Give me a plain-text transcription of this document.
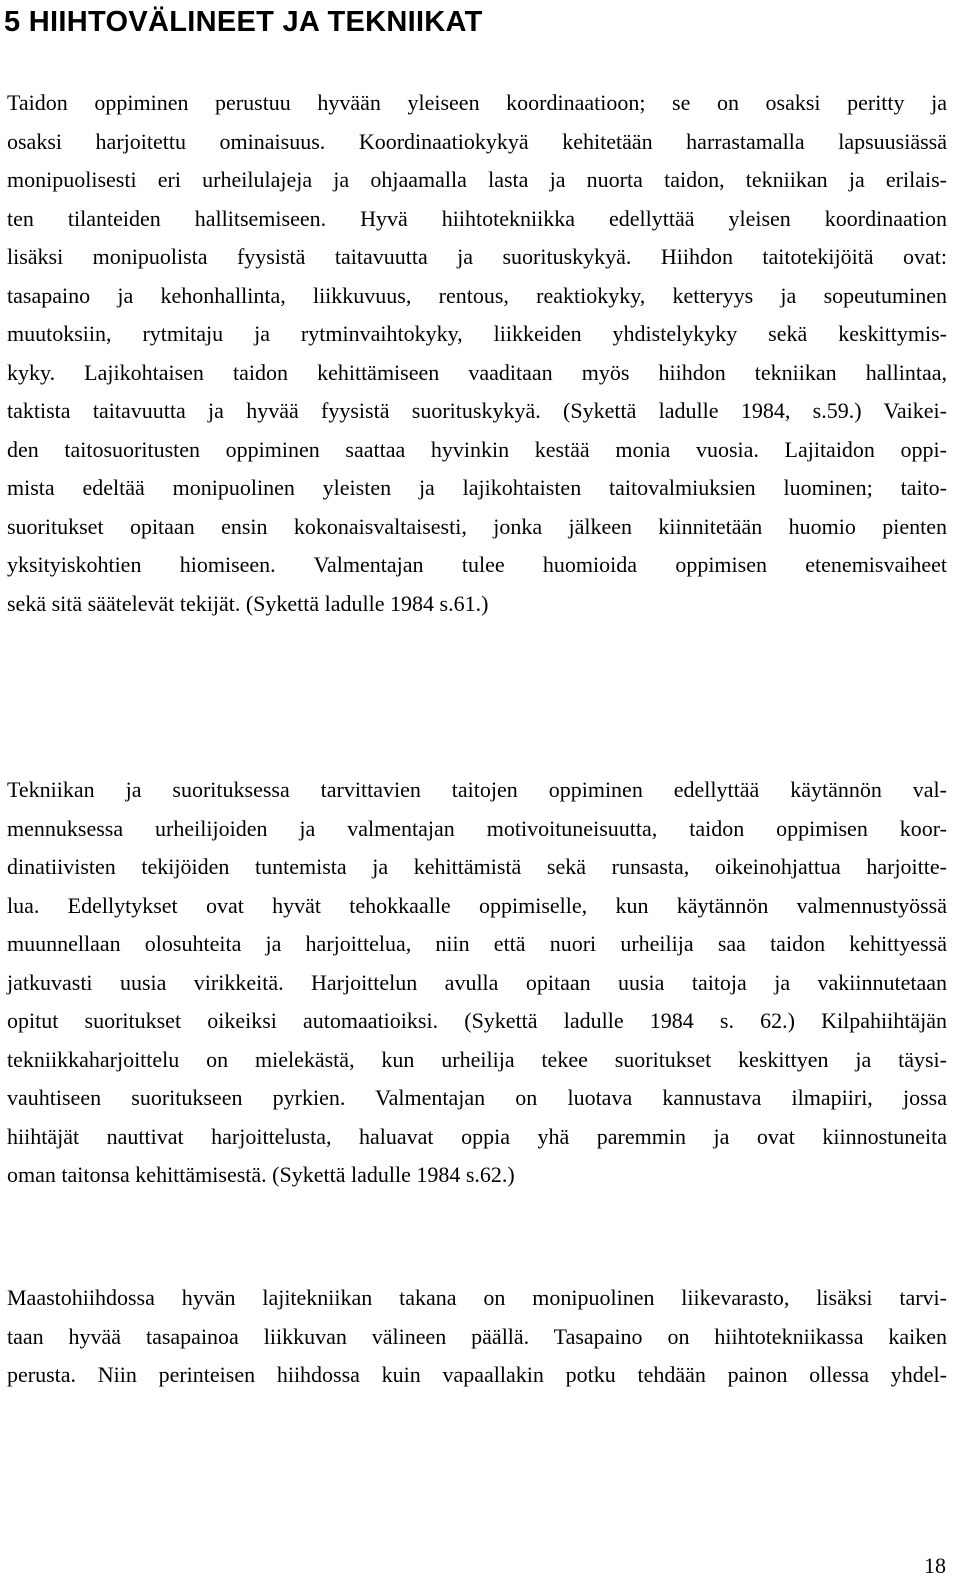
5 HIIHTOVÄLINEET JA TEKNIIKAT
Taidon oppiminen perustuu hyvään yleiseen koordinaatioon; se on osaksi peritty ja
osaksi harjoitettu ominaisuus. Koordinaatiokykyä kehitetään harrastamalla lapsuusiässä
monipuolisesti eri urheilulajeja ja ohjaamalla lasta ja nuorta taidon, tekniikan ja erilais-
ten tilanteiden hallitsemiseen. Hyvä hiihtotekniikka edellyttää yleisen koordinaation
lisäksi monipuolista fyysistä taitavuutta ja suorituskykyä. Hiihdon taitotekijöitä ovat:
tasapaino ja kehonhallinta, liikkuvuus, rentous, reaktiokyky, ketteryys ja sopeutuminen
muutoksiin, rytmitaju ja rytminvaihtokyky, liikkeiden yhdistelykyky sekä keskittymis-
kyky. Lajikohtaisen taidon kehittämiseen vaaditaan myös hiihdon tekniikan hallintaa,
taktista taitavuutta ja hyvää fyysistä suorituskykyä. (Sykettä ladulle 1984, s.59.) Vaikei-
den taitosuoritusten oppiminen saattaa hyvinkin kestää monia vuosia. Lajitaidon oppi-
mista edeltää monipuolinen yleisten ja lajikohtaisten taitovalmiuksien luominen; taito-
suoritukset opitaan ensin kokonaisvaltaisesti, jonka jälkeen kiinnitetään huomio pienten
yksityiskohtien hiomiseen. Valmentajan tulee huomioida oppimisen etenemisvaiheet
sekä sitä säätelevät tekijät. (Sykettä ladulle 1984 s.61.)
Tekniikan ja suorituksessa tarvittavien taitojen oppiminen edellyttää käytännön val-
mennuksessa urheilijoiden ja valmentajan motivoituneisuutta, taidon oppimisen koor-
dinatiivisten tekijöiden tuntemista ja kehittämistä sekä runsasta, oikeinohjattua harjoitte-
lua. Edellytykset ovat hyvät tehokkaalle oppimiselle, kun käytännön valmennustyössä
muunnellaan olosuhteita ja harjoittelua, niin että nuori urheilija saa taidon kehittyessä
jatkuvasti uusia virikkeitä. Harjoittelun avulla opitaan uusia taitoja ja vakiinnutetaan
opitut suoritukset oikeiksi automaatioiksi. (Sykettä ladulle 1984 s. 62.) Kilpahiihtäjän
tekniikkaharjoittelu on mielekästä, kun urheilija tekee suoritukset keskittyen ja täysi-
vauhtiseen suoritukseen pyrkien. Valmentajan on luotava kannustava ilmapiiri, jossa
hiihtäjät nauttivat harjoittelusta, haluavat oppia yhä paremmin ja ovat kiinnostuneita
oman taitonsa kehittämisestä. (Sykettä ladulle 1984 s.62.)
Maastohiihdossa hyvän lajitekniikan takana on monipuolinen liikevarasto, lisäksi tarvi-
taan hyvää tasapainoa liikkuvan välineen päällä. Tasapaino on hiihtotekniikassa kaiken
perusta. Niin perinteisen hiihdossa kuin vapaallakin potku tehdään painon ollessa yhdel-
18
